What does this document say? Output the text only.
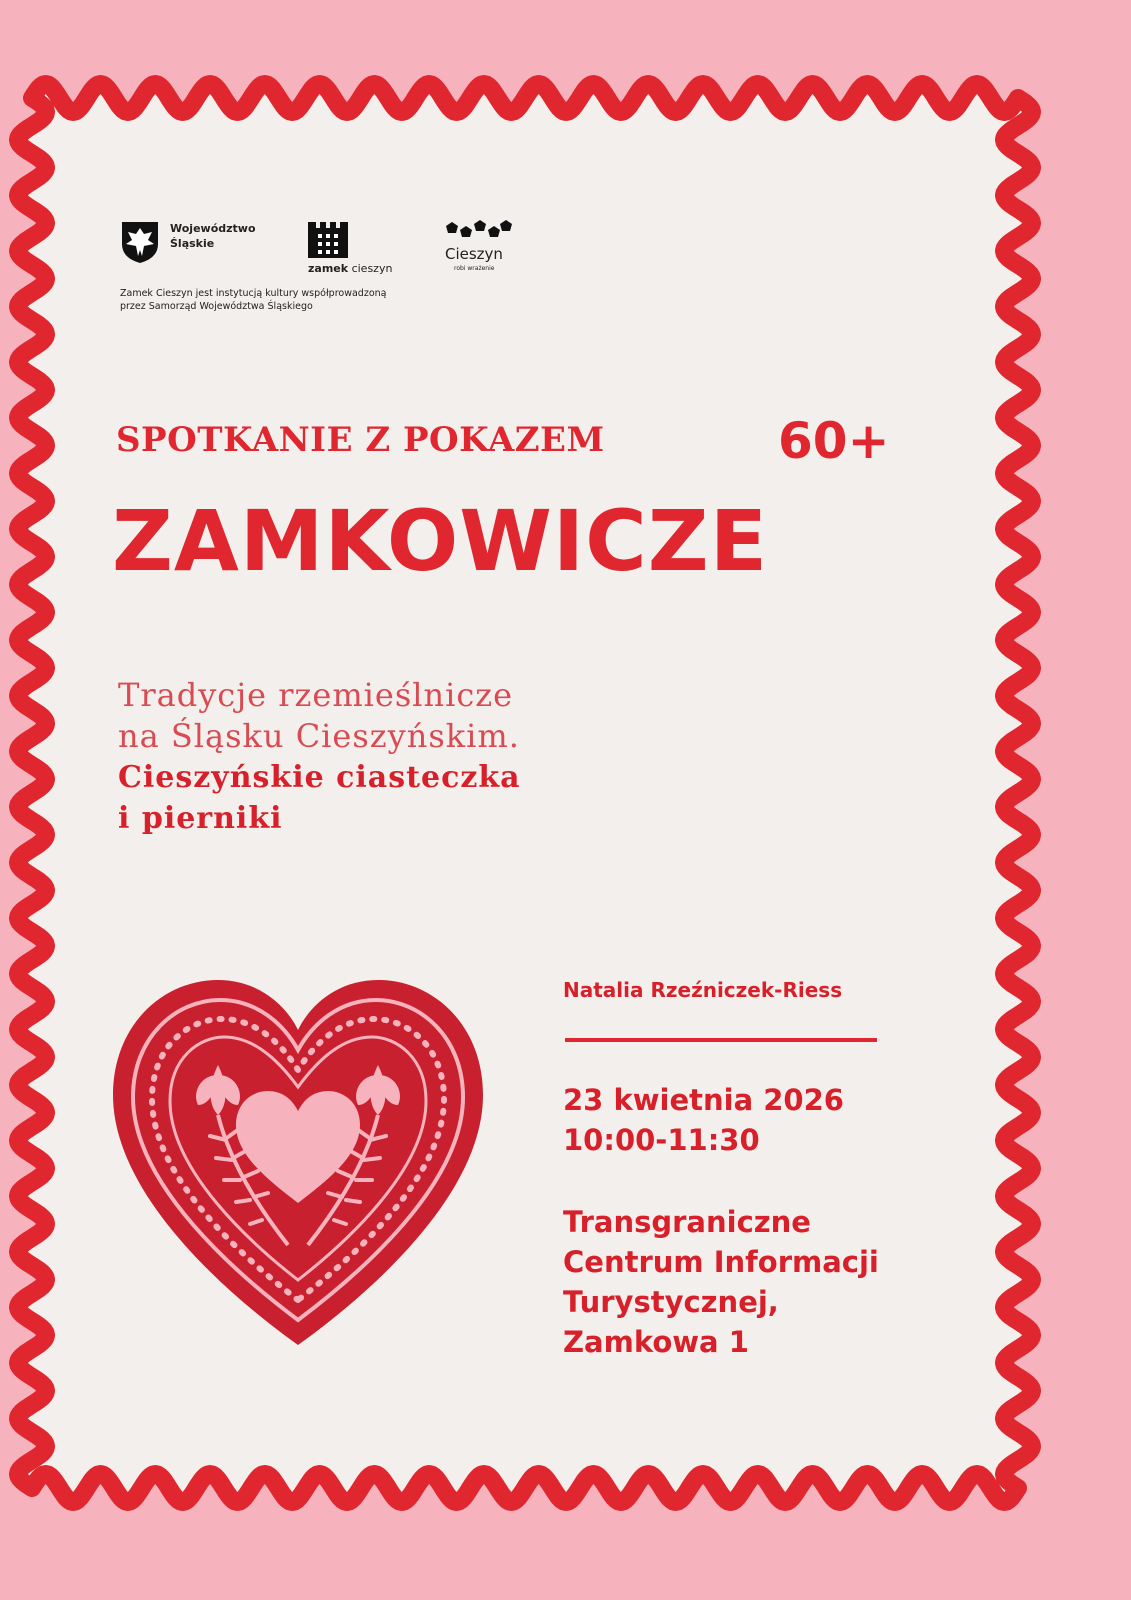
Województwo
Śląskie
zamek cieszyn
Cieszyn
robi wrażenie
Zamek Cieszyn jest instytucją kultury współprowadzoną
przez Samorząd Województwa Śląskiego
SPOTKANIE Z POKAZEM	60+
ZAMKOWICZE
Tradycje rzemieślnicze
na Śląsku Cieszyńskim.
Cieszyńskie ciasteczka
i pierniki
Natalia Rzeźniczek-Riess
23 kwietnia 2026
10:00-11:30
Transgraniczne
Centrum Informacji
Turystycznej,
Zamkowa 1
